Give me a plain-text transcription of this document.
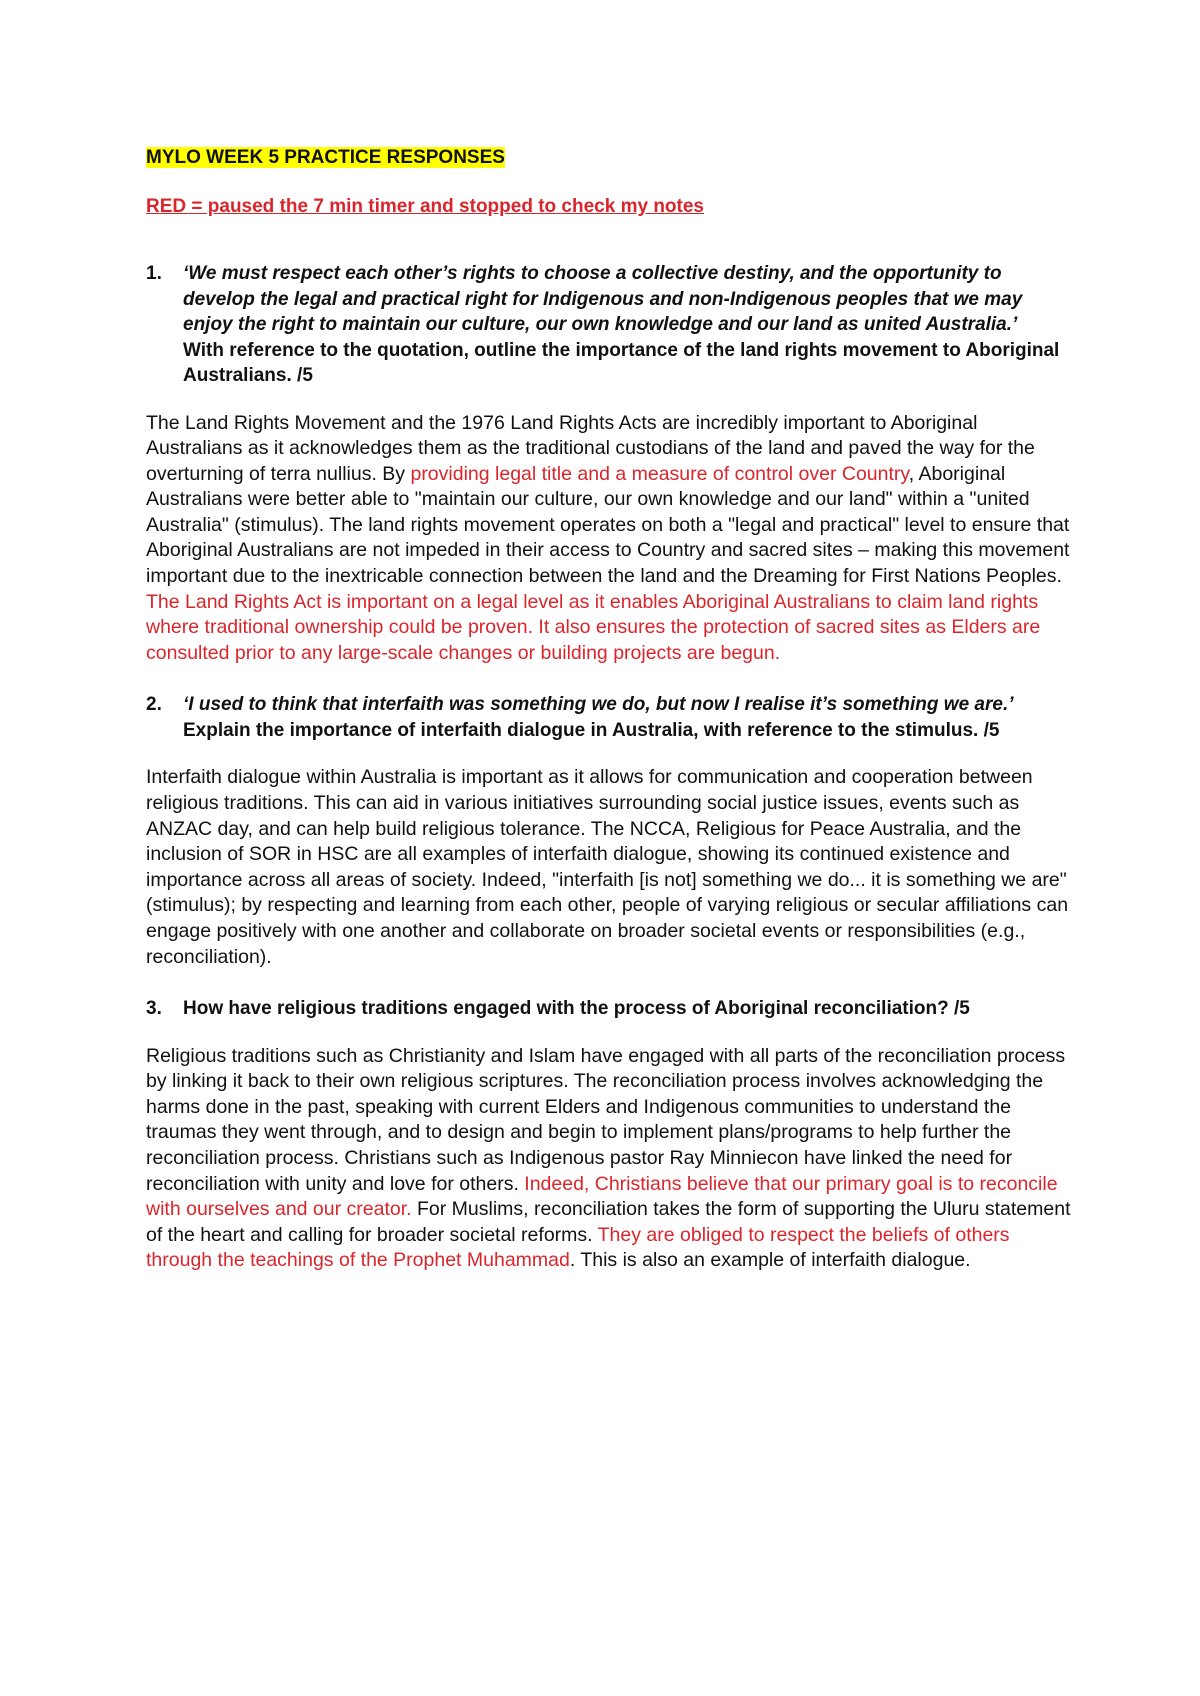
MYLO WEEK 5 PRACTICE RESPONSES

RED = paused the 7 min timer and stopped to check my notes

1. ‘We must respect each other’s rights to choose a collective destiny, and the opportunity to develop the legal and practical right for Indigenous and non-Indigenous peoples that we may enjoy the right to maintain our culture, our own knowledge and our land as united Australia.’
With reference to the quotation, outline the importance of the land rights movement to Aboriginal Australians. /5

The Land Rights Movement and the 1976 Land Rights Acts are incredibly important to Aboriginal Australians as it acknowledges them as the traditional custodians of the land and paved the way for the overturning of terra nullius. By providing legal title and a measure of control over Country, Aboriginal Australians were better able to "maintain our culture, our own knowledge and our land" within a "united Australia" (stimulus). The land rights movement operates on both a "legal and practical" level to ensure that Aboriginal Australians are not impeded in their access to Country and sacred sites – making this movement important due to the inextricable connection between the land and the Dreaming for First Nations Peoples. The Land Rights Act is important on a legal level as it enables Aboriginal Australians to claim land rights where traditional ownership could be proven. It also ensures the protection of sacred sites as Elders are consulted prior to any large-scale changes or building projects are begun.

2. ‘I used to think that interfaith was something we do, but now I realise it’s something we are.’
Explain the importance of interfaith dialogue in Australia, with reference to the stimulus. /5

Interfaith dialogue within Australia is important as it allows for communication and cooperation between religious traditions. This can aid in various initiatives surrounding social justice issues, events such as ANZAC day, and can help build religious tolerance. The NCCA, Religious for Peace Australia, and the inclusion of SOR in HSC are all examples of interfaith dialogue, showing its continued existence and importance across all areas of society. Indeed, "interfaith [is not] something we do... it is something we are" (stimulus); by respecting and learning from each other, people of varying religious or secular affiliations can engage positively with one another and collaborate on broader societal events or responsibilities (e.g., reconciliation).

3. How have religious traditions engaged with the process of Aboriginal reconciliation? /5

Religious traditions such as Christianity and Islam have engaged with all parts of the reconciliation process by linking it back to their own religious scriptures. The reconciliation process involves acknowledging the harms done in the past, speaking with current Elders and Indigenous communities to understand the traumas they went through, and to design and begin to implement plans/programs to help further the reconciliation process. Christians such as Indigenous pastor Ray Minniecon have linked the need for reconciliation with unity and love for others. Indeed, Christians believe that our primary goal is to reconcile with ourselves and our creator. For Muslims, reconciliation takes the form of supporting the Uluru statement of the heart and calling for broader societal reforms. They are obliged to respect the beliefs of others through the teachings of the Prophet Muhammad. This is also an example of interfaith dialogue.
